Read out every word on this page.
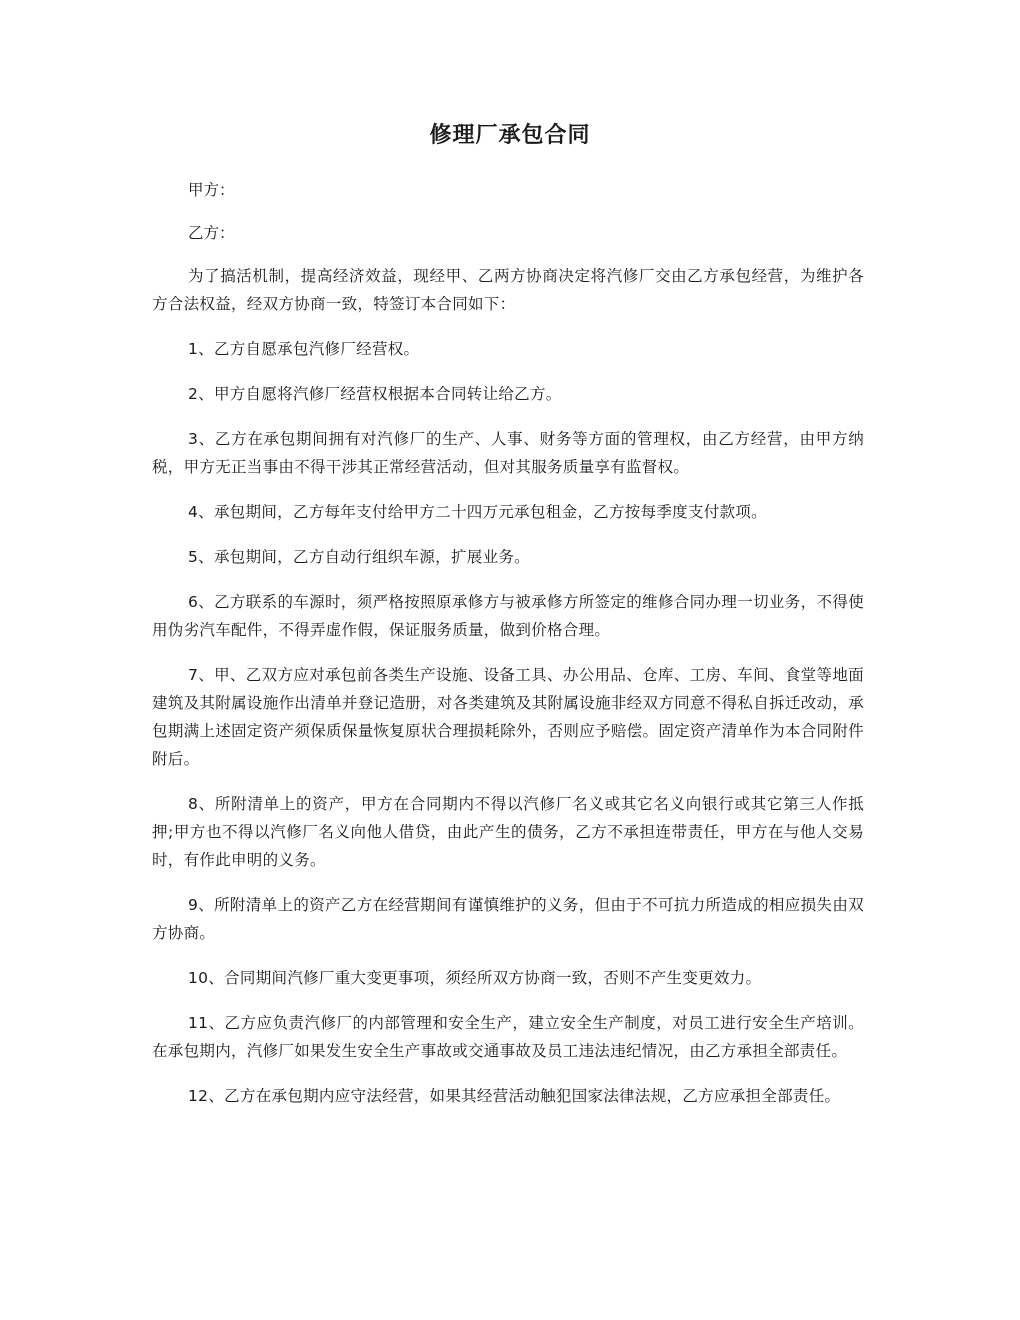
修理厂承包合同

甲方：

乙方：

为了搞活机制，提高经济效益，现经甲、乙两方协商决定将汽修厂交由乙方承包经营，为维护各方合法权益，经双方协商一致，特签订本合同如下：

1、乙方自愿承包汽修厂经营权。

2、甲方自愿将汽修厂经营权根据本合同转让给乙方。

3、乙方在承包期间拥有对汽修厂的生产、人事、财务等方面的管理权，由乙方经营，由甲方纳税，甲方无正当事由不得干涉其正常经营活动，但对其服务质量享有监督权。

4、承包期间，乙方每年支付给甲方二十四万元承包租金，乙方按每季度支付款项。

5、承包期间，乙方自动行组织车源，扩展业务。

6、乙方联系的车源时，须严格按照原承修方与被承修方所签定的维修合同办理一切业务，不得使用伪劣汽车配件，不得弄虚作假，保证服务质量，做到价格合理。

7、甲、乙双方应对承包前各类生产设施、设备工具、办公用品、仓库、工房、车间、食堂等地面建筑及其附属设施作出清单并登记造册，对各类建筑及其附属设施非经双方同意不得私自拆迁改动，承包期满上述固定资产须保质保量恢复原状合理损耗除外，否则应予赔偿。固定资产清单作为本合同附件附后。

8、所附清单上的资产，甲方在合同期内不得以汽修厂名义或其它名义向银行或其它第三人作抵押;甲方也不得以汽修厂名义向他人借贷，由此产生的债务，乙方不承担连带责任，甲方在与他人交易时，有作此申明的义务。

9、所附清单上的资产乙方在经营期间有谨慎维护的义务，但由于不可抗力所造成的相应损失由双方协商。

10、合同期间汽修厂重大变更事项，须经所双方协商一致，否则不产生变更效力。

11、乙方应负责汽修厂的内部管理和安全生产，建立安全生产制度，对员工进行安全生产培训。在承包期内，汽修厂如果发生安全生产事故或交通事故及员工违法违纪情况，由乙方承担全部责任。

12、乙方在承包期内应守法经营，如果其经营活动触犯国家法律法规，乙方应承担全部责任。
